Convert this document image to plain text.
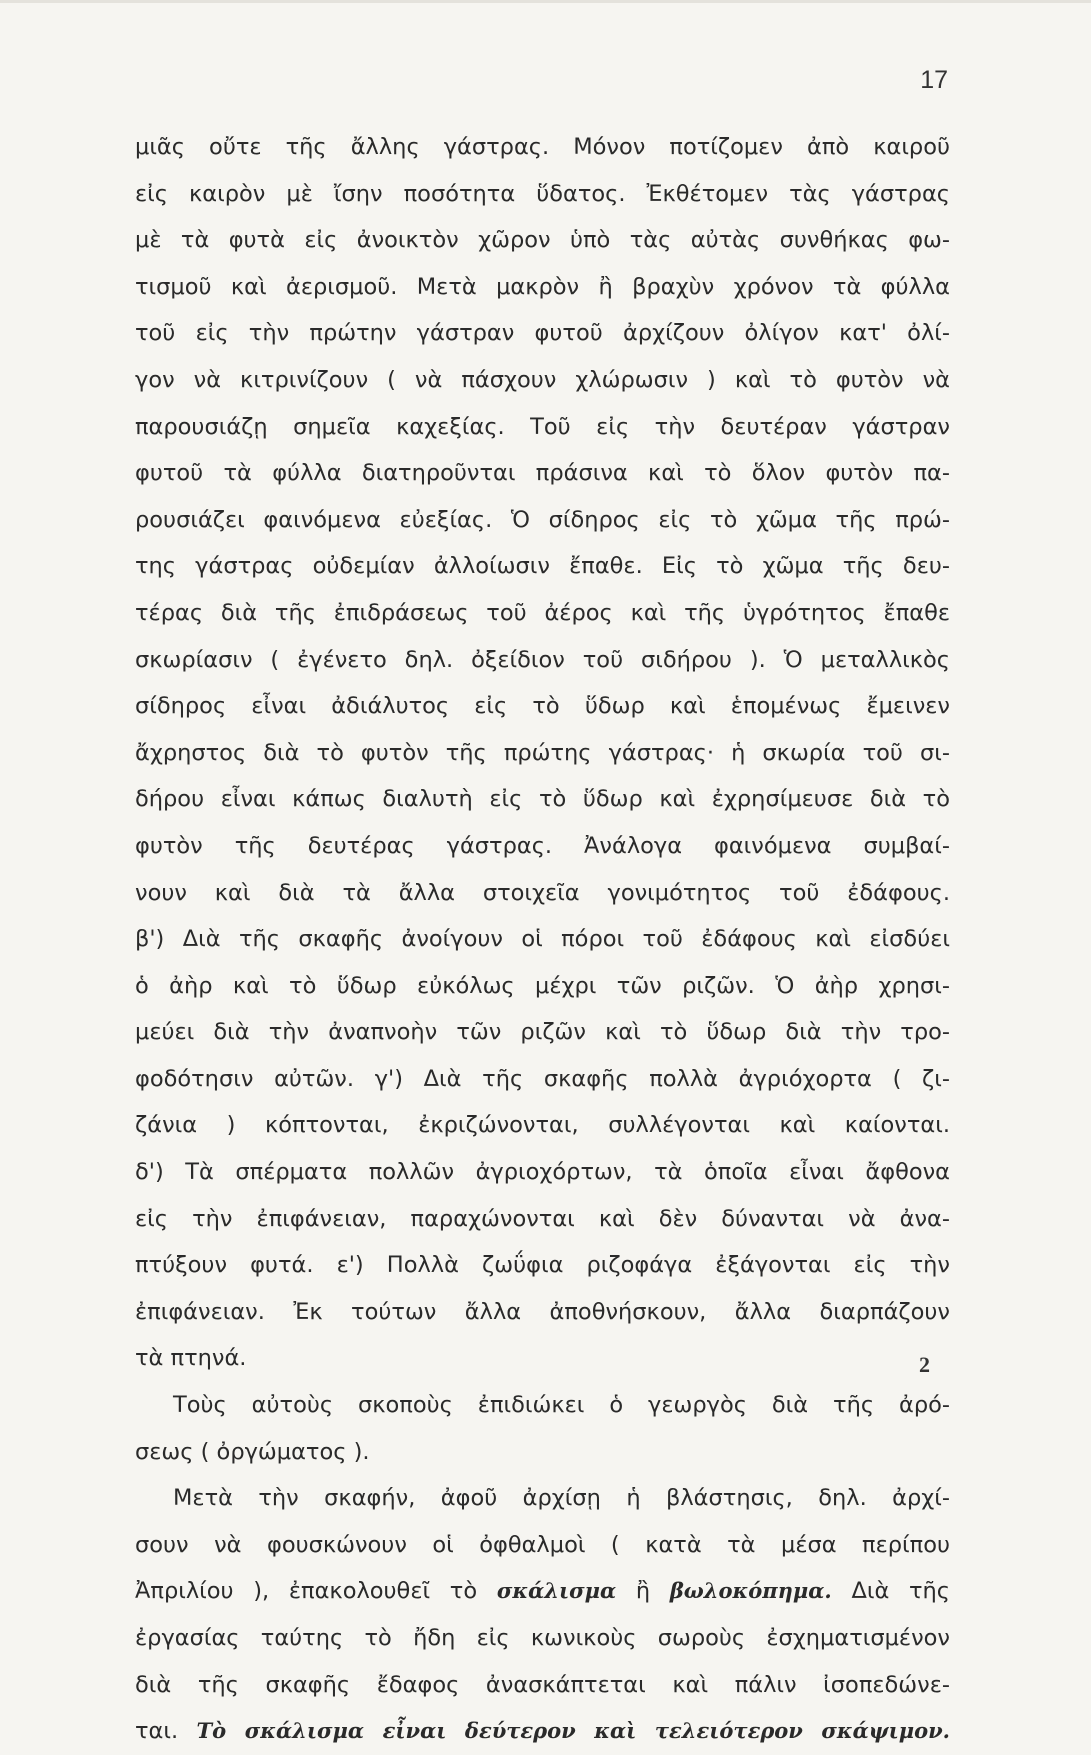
17
μιᾶς οὔτε τῆς ἄλλης γάστρας. Μόνον ποτίζομεν ἀπὸ καιροῦ
εἰς καιρὸν μὲ ἴσην ποσότητα ὕδατος. Ἐκθέτομεν τὰς γάστρας
μὲ τὰ φυτὰ εἰς ἀνοικτὸν χῶρον ὑπὸ τὰς αὐτὰς συνθήκας φω-
τισμοῦ καὶ ἀερισμοῦ. Μετὰ μακρὸν ἢ βραχὺν χρόνον τὰ φύλλα
τοῦ εἰς τὴν πρώτην γάστραν φυτοῦ ἀρχίζουν ὀλίγον κατ' ὀλί-
γον νὰ κιτρινίζουν ( νὰ πάσχουν χλώρωσιν ) καὶ τὸ φυτὸν νὰ
παρουσιάζῃ σημεῖα καχεξίας. Τοῦ εἰς τὴν δευτέραν γάστραν
φυτοῦ τὰ φύλλα διατηροῦνται πράσινα καὶ τὸ ὅλον φυτὸν πα-
ρουσιάζει φαινόμενα εὐεξίας. Ὁ σίδηρος εἰς τὸ χῶμα τῆς πρώ-
της γάστρας οὐδεμίαν ἀλλοίωσιν ἔπαθε. Εἰς τὸ χῶμα τῆς δευ-
τέρας διὰ τῆς ἐπιδράσεως τοῦ ἀέρος καὶ τῆς ὑγρότητος ἔπαθε
σκωρίασιν ( ἐγένετο δηλ. ὀξείδιον τοῦ σιδήρου ). Ὁ μεταλλικὸς
σίδηρος εἶναι ἀδιάλυτος εἰς τὸ ὕδωρ καὶ ἑπομένως ἔμεινεν
ἄχρηστος διὰ τὸ φυτὸν τῆς πρώτης γάστρας· ἡ σκωρία τοῦ σι-
δήρου εἶναι κάπως διαλυτὴ εἰς τὸ ὕδωρ καὶ ἐχρησίμευσε διὰ τὸ
φυτὸν τῆς δευτέρας γάστρας. Ἀνάλογα φαινόμενα συμβαί-
νουν καὶ διὰ τὰ ἄλλα στοιχεῖα γονιμότητος τοῦ ἐδάφους.
β') Διὰ τῆς σκαφῆς ἀνοίγουν οἱ πόροι τοῦ ἐδάφους καὶ εἰσδύει
ὁ ἀὴρ καὶ τὸ ὕδωρ εὐκόλως μέχρι τῶν ριζῶν. Ὁ ἀὴρ χρησι-
μεύει διὰ τὴν ἀναπνοὴν τῶν ριζῶν καὶ τὸ ὕδωρ διὰ τὴν τρο-
φοδότησιν αὐτῶν. γ') Διὰ τῆς σκαφῆς πολλὰ ἀγριόχορτα ( ζι-
ζάνια ) κόπτονται, ἐκριζώνονται, συλλέγονται καὶ καίονται.
δ') Τὰ σπέρματα πολλῶν ἀγριοχόρτων, τὰ ὁποῖα εἶναι ἄφθονα
εἰς τὴν ἐπιφάνειαν, παραχώνονται καὶ δὲν δύνανται νὰ ἀνα-
πτύξουν φυτά. ε') Πολλὰ ζωΰφια ριζοφάγα ἐξάγονται εἰς τὴν
ἐπιφάνειαν. Ἐκ τούτων ἄλλα ἀποθνήσκουν, ἄλλα διαρπάζουν
τὰ πτηνά.
Τοὺς αὐτοὺς σκοποὺς ἐπιδιώκει ὁ γεωργὸς διὰ τῆς ἀρό-
σεως ( ὀργώματος ).
Μετὰ τὴν σκαφήν, ἀφοῦ ἀρχίσῃ ἡ βλάστησις, δηλ. ἀρχί-
σουν νὰ φουσκώνουν οἱ ὀφθαλμοὶ ( κατὰ τὰ μέσα περίπου
Ἀπριλίου ), ἐπακολουθεῖ τὸ σκάλισμα ἢ βωλοκόπημα. Διὰ τῆς
ἐργασίας ταύτης τὸ ἤδη εἰς κωνικοὺς σωροὺς ἐσχηματισμένον
διὰ τῆς σκαφῆς ἔδαφος ἀνασκάπτεται καὶ πάλιν ἰσοπεδώνε-
ται. Τὸ σκάλισμα εἶναι δεύτερον καὶ τελειότερον σκάψιμον.
2
